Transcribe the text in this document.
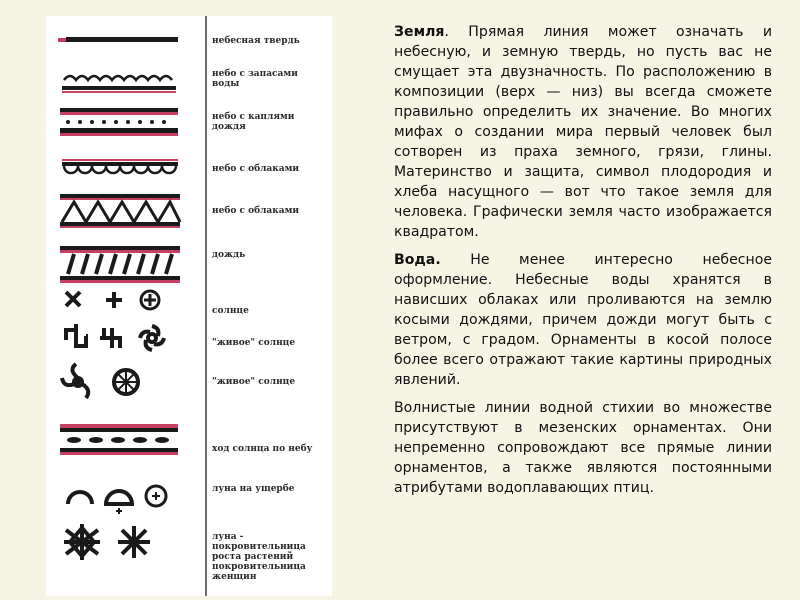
небесная твердь
небо с запасами
воды
небо с каплями
дождя
небо с облаками
небо с облаками
дождь
солнце
"живое" солнце
"живое" солнце
ход солнца по небу
луна на ущербе
луна - покровительница
роста растений
покровительница
женщин

Земля. Прямая линия может означать и небесную, и земную твердь, но пусть вас не смущает эта двузначность. По расположению в композиции (верх — низ) вы всегда сможете правильно определить их значение. Во многих мифах о создании мира первый человек был сотворен из праха земного, грязи, глины. Материнство и защита, символ плодородия и хлеба насущного — вот что такое земля для человека. Графически земля часто изображается квадратом.

Вода. Не менее интересно небесное оформление. Небесные воды хранятся в нависших облаках или проливаются на землю косыми дождями, причем дожди могут быть с ветром, с градом. Орнаменты в косой полосе более всего отражают такие картины природных явлений.

Волнистые линии водной стихии во множестве присутствуют в мезенских орнаментах. Они непременно сопровождают все прямые линии орнаментов, а также являются постоянными атрибутами водоплавающих птиц.
